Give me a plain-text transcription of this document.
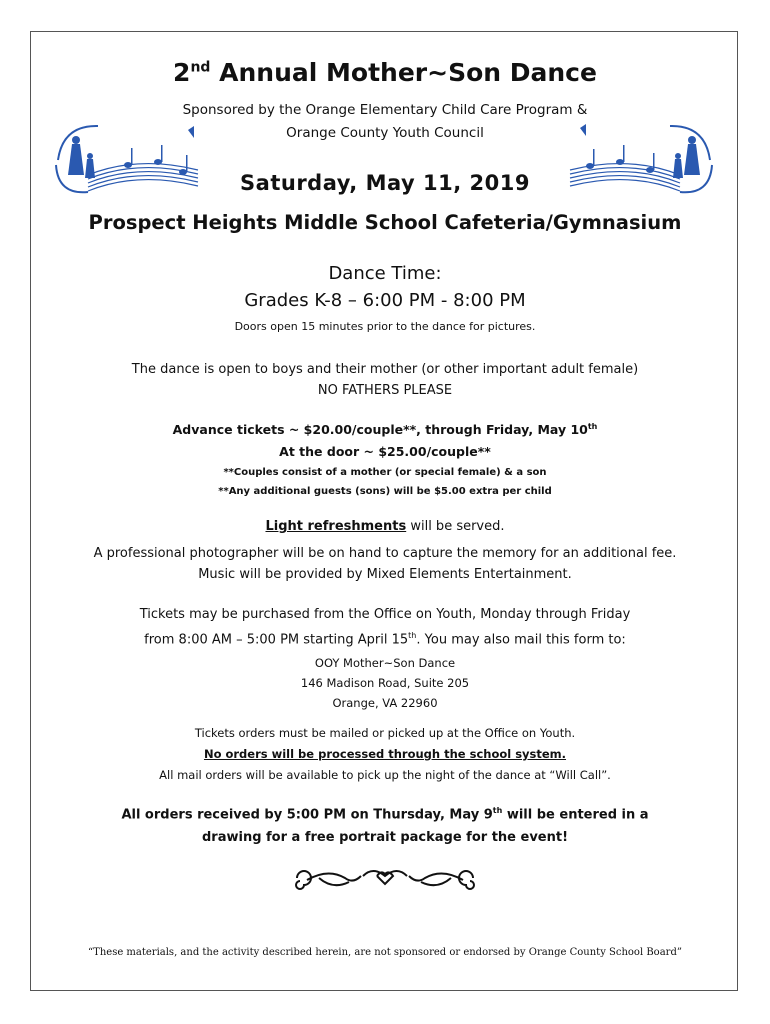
2nd Annual Mother~Son Dance
Sponsored by the Orange Elementary Child Care Program &
Orange County Youth Council
Saturday, May 11, 2019
Prospect Heights Middle School Cafeteria/Gymnasium
Dance Time:
Grades K-8 – 6:00 PM - 8:00 PM
Doors open 15 minutes prior to the dance for pictures.
The dance is open to boys and their mother (or other important adult female)
NO FATHERS PLEASE
Advance tickets ~ $20.00/couple**, through Friday, May 10th
At the door ~ $25.00/couple**
**Couples consist of a mother (or special female) & a son
**Any additional guests (sons) will be $5.00 extra per child
Light refreshments will be served.
A professional photographer will be on hand to capture the memory for an additional fee.
Music will be provided by Mixed Elements Entertainment.
Tickets may be purchased from the Office on Youth, Monday through Friday
from 8:00 AM – 5:00 PM starting April 15th. You may also mail this form to:
OOY Mother~Son Dance
146 Madison Road, Suite 205
Orange, VA 22960
Tickets orders must be mailed or picked up at the Office on Youth.
No orders will be processed through the school system.
All mail orders will be available to pick up the night of the dance at “Will Call”.
All orders received by 5:00 PM on Thursday, May 9th will be entered in a
drawing for a free portrait package for the event!
“These materials, and the activity described herein, are not sponsored or endorsed by Orange County School Board”
